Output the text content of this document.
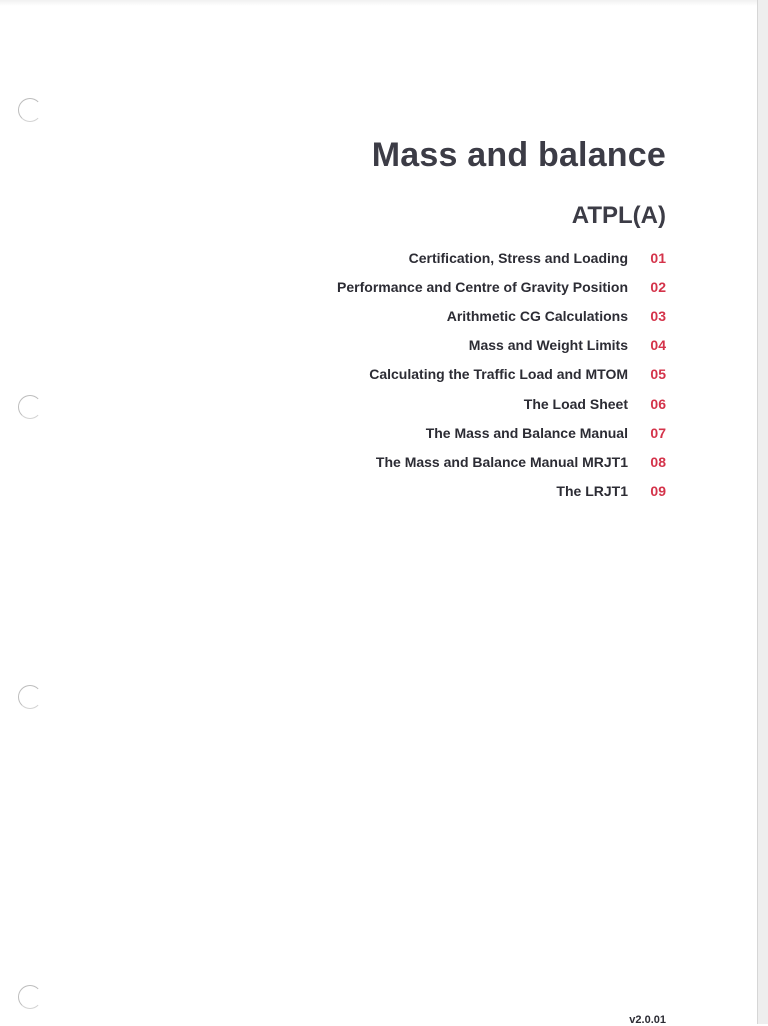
Mass and balance
ATPL(A)
Certification, Stress and Loading	01
Performance and Centre of Gravity Position	02
Arithmetic CG Calculations	03
Mass and Weight Limits	04
Calculating the Traffic Load and MTOM	05
The Load Sheet	06
The Mass and Balance Manual	07
The Mass and Balance Manual MRJT1	08
The LRJT1	09
v2.0.01
